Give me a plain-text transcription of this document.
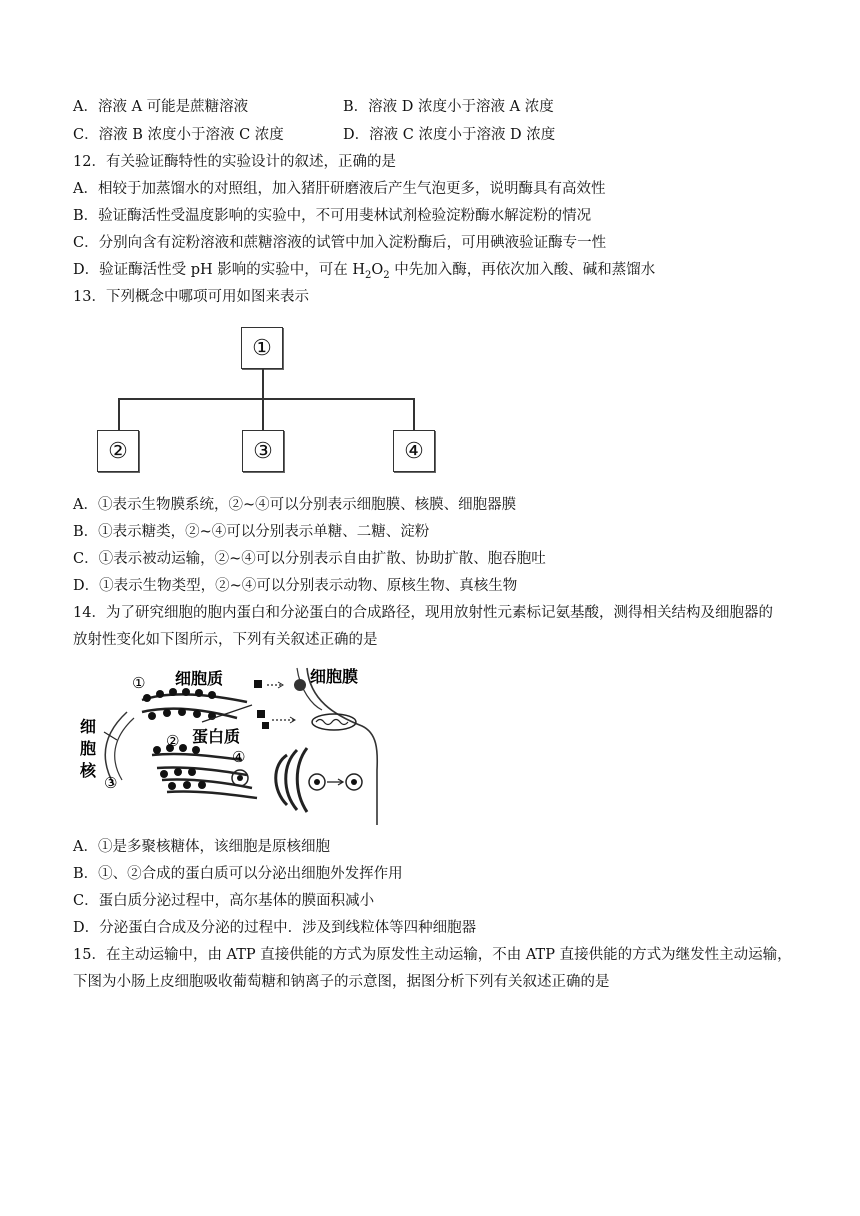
A．溶液 A 可能是蔗糖溶液	B．溶液 D 浓度小于溶液 A 浓度
C．溶液 B 浓度小于溶液 C 浓度	D．溶液 C 浓度小于溶液 D 浓度
12．有关验证酶特性的实验设计的叙述，正确的是
A．相较于加蒸馏水的对照组，加入猪肝研磨液后产生气泡更多，说明酶具有高效性
B．验证酶活性受温度影响的实验中，不可用斐林试剂检验淀粉酶水解淀粉的情况
C．分别向含有淀粉溶液和蔗糖溶液的试管中加入淀粉酶后，可用碘液验证酶专一性
D．验证酶活性受 pH 影响的实验中，可在 $H_2O_2$ 中先加入酶，再依次加入酸、碱和蒸馏水
13．下列概念中哪项可用如图来表示
①
②	③	④
A．①表示生物膜系统，②~④可以分别表示细胞膜、核膜、细胞器膜
B．①表示糖类，②~④可以分别表示单糖、二糖、淀粉
C．①表示被动运输，②~④可以分别表示自由扩散、协助扩散、胞吞胞吐
D．①表示生物类型，②~④可以分别表示动物、原核生物、真核生物
14．为了研究细胞的胞内蛋白和分泌蛋白的合成路径，现用放射性元素标记氨基酸，测得相关结构及细胞器的
放射性变化如下图所示，下列有关叙述正确的是
① 细胞质	细胞膜
细
胞
核
② 蛋白质
④
③
A．①是多聚核糖体，该细胞是原核细胞
B．①、②合成的蛋白质可以分泌出细胞外发挥作用
C．蛋白质分泌过程中，高尔基体的膜面积减小
D．分泌蛋白合成及分泌的过程中．涉及到线粒体等四种细胞器
15．在主动运输中，由 ATP 直接供能的方式为原发性主动运输，不由 ATP 直接供能的方式为继发性主动运输，
下图为小肠上皮细胞吸收葡萄糖和钠离子的示意图，据图分析下列有关叙述正确的是
